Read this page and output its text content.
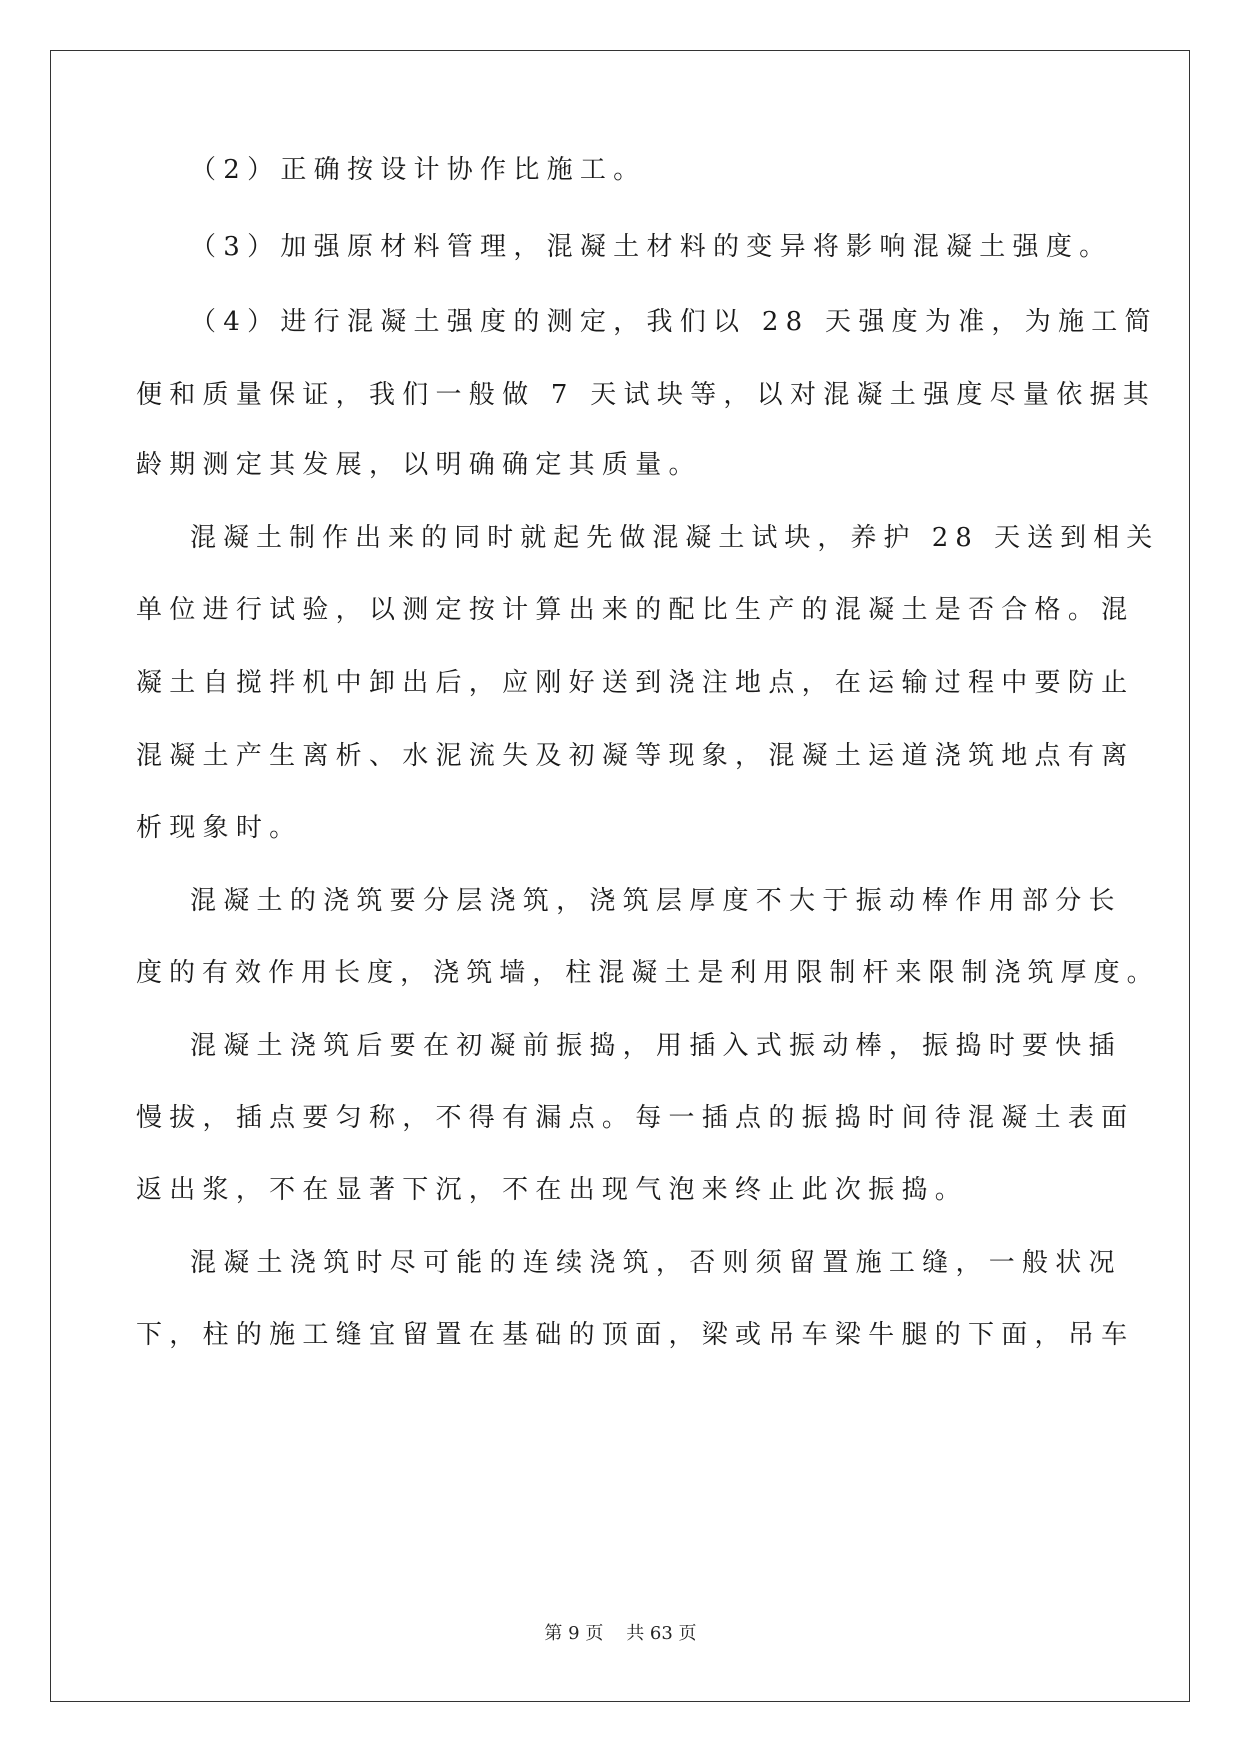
（2）正确按设计协作比施工。
（3）加强原材料管理，混凝土材料的变异将影响混凝土强度。
（4）进行混凝土强度的测定，我们以 28 天强度为准，为施工简
便和质量保证，我们一般做 7 天试块等，以对混凝土强度尽量依据其
龄期测定其发展，以明确确定其质量。
混凝土制作出来的同时就起先做混凝土试块，养护 28 天送到相关
单位进行试验，以测定按计算出来的配比生产的混凝土是否合格。混
凝土自搅拌机中卸出后，应刚好送到浇注地点，在运输过程中要防止
混凝土产生离析、水泥流失及初凝等现象，混凝土运道浇筑地点有离
析现象时。
混凝土的浇筑要分层浇筑，浇筑层厚度不大于振动棒作用部分长
度的有效作用长度，浇筑墙，柱混凝土是利用限制杆来限制浇筑厚度。
混凝土浇筑后要在初凝前振捣，用插入式振动棒，振捣时要快插
慢拔，插点要匀称，不得有漏点。每一插点的振捣时间待混凝土表面
返出浆，不在显著下沉，不在出现气泡来终止此次振捣。
混凝土浇筑时尽可能的连续浇筑，否则须留置施工缝，一般状况
下，柱的施工缝宜留置在基础的顶面，梁或吊车梁牛腿的下面，吊车
第 9 页    共 63 页
